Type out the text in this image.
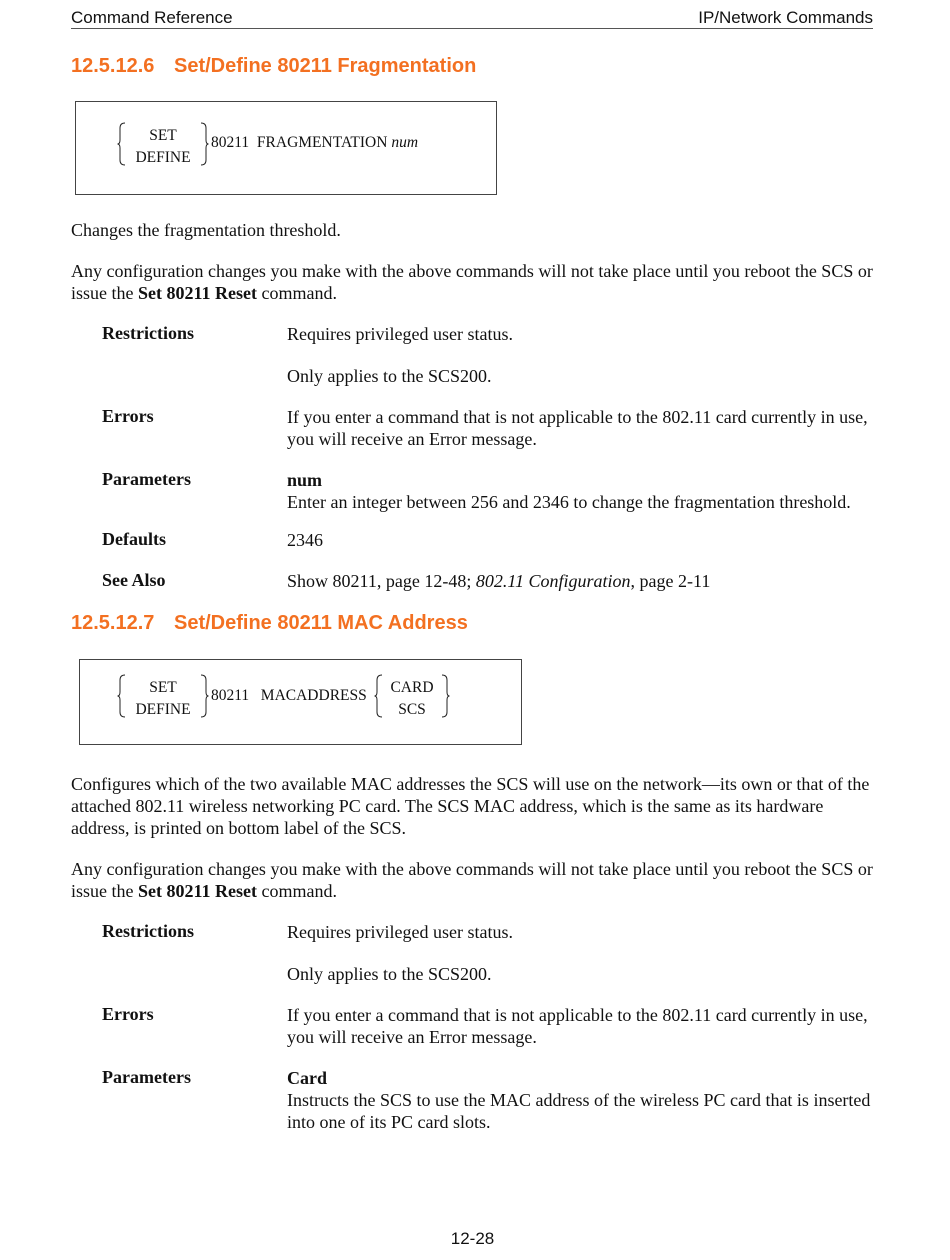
Command Reference	IP/Network Commands
12.5.12.6 Set/Define 80211 Fragmentation
SET
DEFINE
80211  FRAGMENTATION num
Changes the fragmentation threshold.
Any configuration changes you make with the above commands will not take place until you reboot the SCS or issue the Set 80211 Reset command.
Restrictions	Requires privileged user status.
Only applies to the SCS200.
Errors	If you enter a command that is not applicable to the 802.11 card currently in use, you will receive an Error message.
Parameters	num
Enter an integer between 256 and 2346 to change the fragmentation threshold.
Defaults	2346
See Also	Show 80211, page 12-48; 802.11 Configuration, page 2-11
12.5.12.7 Set/Define 80211 MAC Address
SET
DEFINE
80211   MACADDRESS	CARD
SCS
Configures which of the two available MAC addresses the SCS will use on the network—its own or that of the attached 802.11 wireless networking PC card. The SCS MAC address, which is the same as its hardware address, is printed on bottom label of the SCS.
Any configuration changes you make with the above commands will not take place until you reboot the SCS or issue the Set 80211 Reset command.
Restrictions	Requires privileged user status.
Only applies to the SCS200.
Errors	If you enter a command that is not applicable to the 802.11 card currently in use, you will receive an Error message.
Parameters	Card
Instructs the SCS to use the MAC address of the wireless PC card that is inserted into one of its PC card slots.
12-28
